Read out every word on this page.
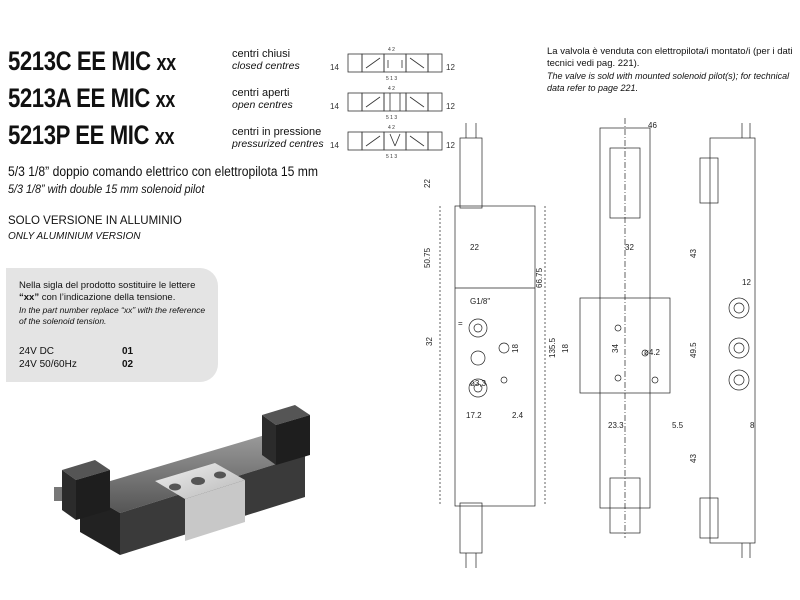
5213C EE MIC xx
5213A EE MIC xx
5213P EE MIC xx
centri chiusi
closed centres
centri aperti
open centres
centri in pressione
pressurized centres
14	12
4 2
5 1 3
14	12
4 2
5 1 3
14	12
4 2
5 1 3
5/3 1/8” doppio comando elettrico con elettropilota 15 mm
5/3 1/8” with double 15 mm solenoid pilot
SOLO VERSIONE IN ALLUMINIO
ONLY ALUMINIUM VERSION
Nella sigla del prodotto sostituire le lettere “xx” con l’indicazione della tensione.
In the part number replace “xx” with the reference of the solenoid tension.
24V DC	01
24V 50/60Hz	02
La valvola è venduta con elettropilota/i montato/i (per i dati tecnici vedi pag. 221).
The valve is sold with mounted solenoid pilot(s); for technical data refer to page 221.
46
22
50.75
22
66.75
G1/8"
32
=
18	135.5
ø3,3
17.2	2.4
32
43
18	34	ø4.2	49.5
23.3	5.5
43
12
8
